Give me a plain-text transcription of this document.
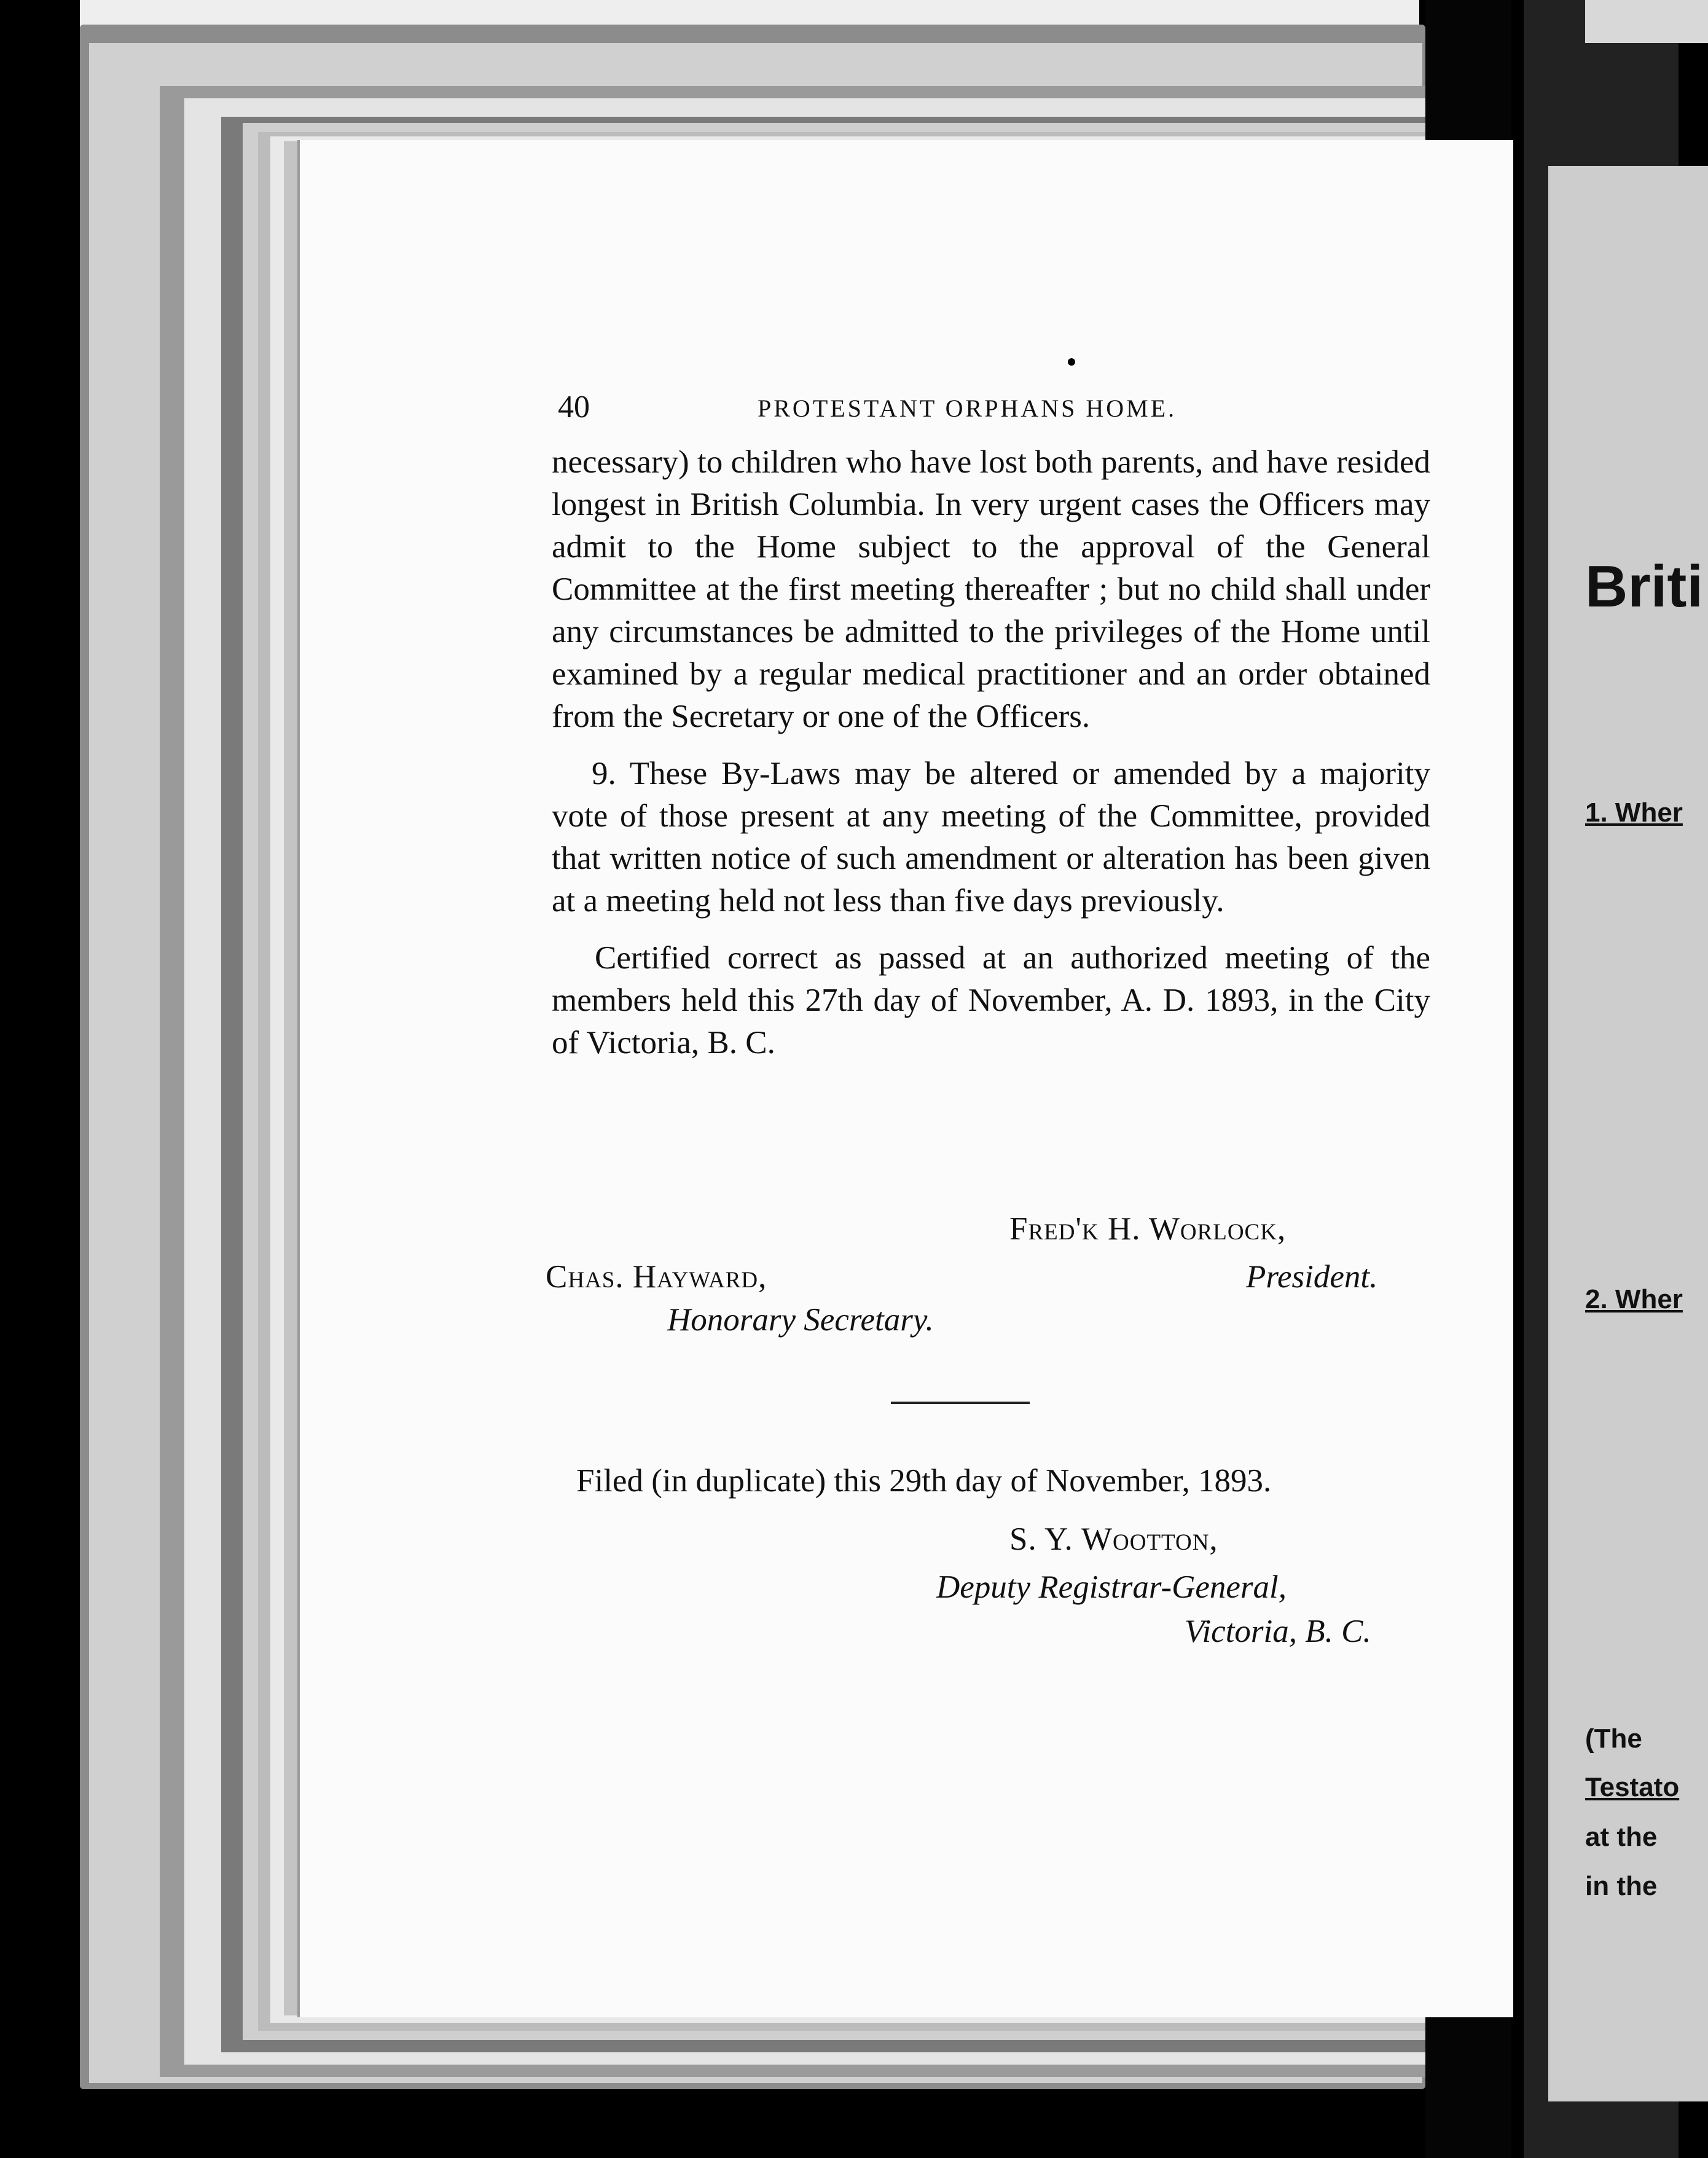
Briti
1. Wher
2. Wher
(The
Testato
at the
in the
40	PROTESTANT ORPHANS HOME.

necessary) to children who have lost both parents, and have resided longest in British Columbia. In very urgent cases the Officers may admit to the Home subject to the approval of the General Committee at the first meeting thereafter ; but no child shall under any circumstances be admitted to the privileges of the Home until examined by a regular medical practitioner and an order obtained from the Secretary or one of the Officers.

9. These By-Laws may be altered or amended by a majority vote of those present at any meeting of the Committee, provided that written notice of such amendment or alteration has been given at a meeting held not less than five days previously.

Certified correct as passed at an authorized meeting of the members held this 27th day of November, A. D. 1893, in the City of Victoria, B. C.

Fred'k H. Worlock,
President.
Chas. Hayward,
Honorary Secretary.
Filed (in duplicate) this 29th day of November, 1893.
S. Y. Wootton,
Deputy Registrar-General,
Victoria, B. C.
